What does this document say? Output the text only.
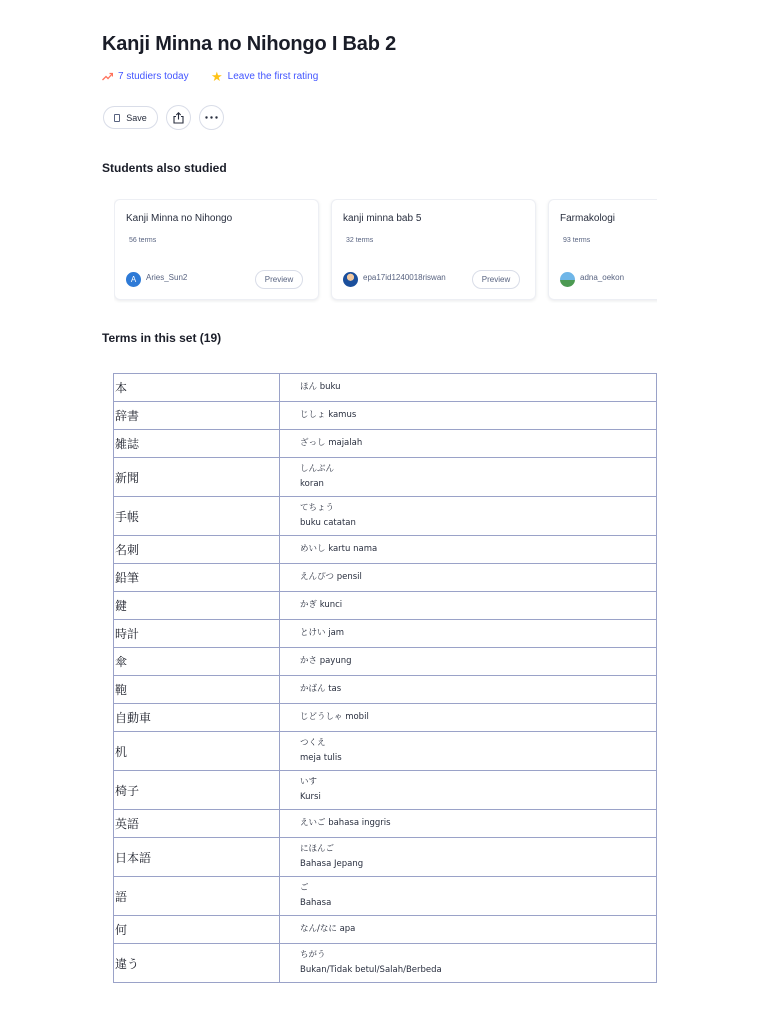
Kanji Minna no Nihongo I Bab 2
7 studiers today ★ Leave the first rating
Save
Students also studied
Kanji Minna no Nihongo
56 terms
A	Aries_Sun2	Preview
kanji minna bab 5
32 terms
epa17id1240018riswan	Preview
Farmakologi
93 terms
adna_oekon
Terms in this set (19)
本	ほん buku

辞書	じしょ kamus

雑誌	ざっし majalah

新聞	しんぶん
koran

手帳	てちょう
buku catatan

名刺	めいし kartu nama

鉛筆	えんぴつ pensil

鍵	かぎ kunci

時計	とけい jam

傘	かさ payung

鞄	かばん tas

自動車	じどうしゃ mobil

机	つくえ
meja tulis

椅子	いす
Kursi

英語	えいご bahasa inggris

日本語	にほんご
Bahasa Jepang

語	ご
Bahasa

何	なん/なに apa

違う	ちがう
Bukan/Tidak betul/Salah/Berbeda
